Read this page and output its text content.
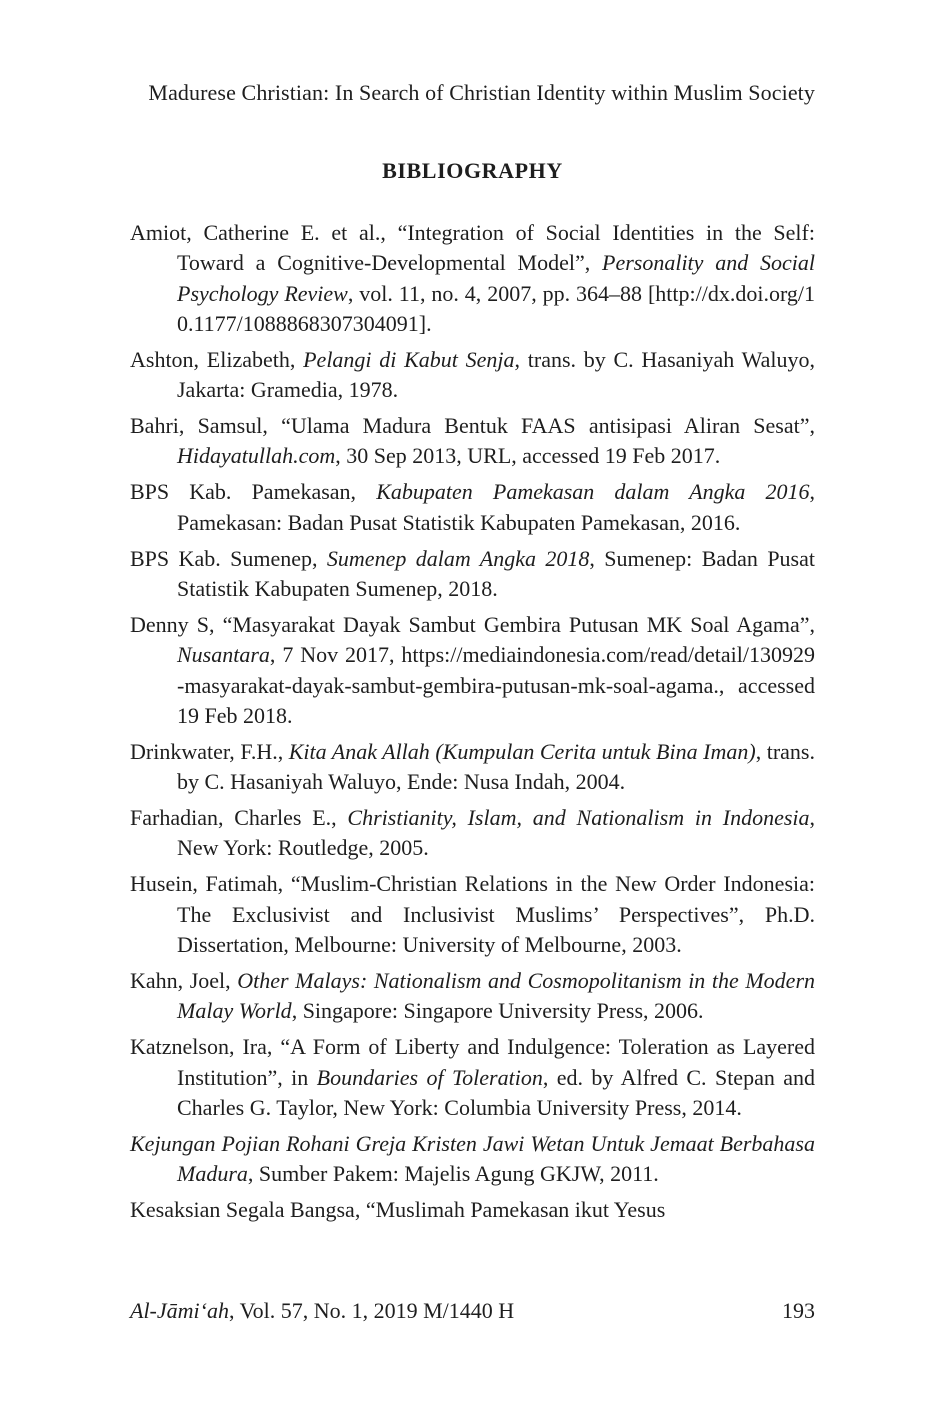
Madurese Christian: In Search of Christian Identity within Muslim Society
BIBLIOGRAPHY
Amiot, Catherine E. et al., “Integration of Social Identities in the Self: Toward a Cognitive-Developmental Model”, Personality and Social Psychology Review, vol. 11, no. 4, 2007, pp. 364–88 [http://dx.doi.org/10.1177/1088868307304091].
Ashton, Elizabeth, Pelangi di Kabut Senja, trans. by C. Hasaniyah Waluyo, Jakarta: Gramedia, 1978.
Bahri, Samsul, “Ulama Madura Bentuk FAAS antisipasi Aliran Sesat”, Hidayatullah.com, 30 Sep 2013, URL, accessed 19 Feb 2017.
BPS Kab. Pamekasan, Kabupaten Pamekasan dalam Angka 2016, Pamekasan: Badan Pusat Statistik Kabupaten Pamekasan, 2016.
BPS Kab. Sumenep, Sumenep dalam Angka 2018, Sumenep: Badan Pusat Statistik Kabupaten Sumenep, 2018.
Denny S, “Masyarakat Dayak Sambut Gembira Putusan MK Soal Agama”, Nusantara, 7 Nov 2017, https://mediaindonesia.com/read/detail/130929-masyarakat-dayak-sambut-gembira-putusan-mk-soal-agama., accessed 19 Feb 2018.
Drinkwater, F.H., Kita Anak Allah (Kumpulan Cerita untuk Bina Iman), trans. by C. Hasaniyah Waluyo, Ende: Nusa Indah, 2004.
Farhadian, Charles E., Christianity, Islam, and Nationalism in Indonesia, New York: Routledge, 2005.
Husein, Fatimah, “Muslim-Christian Relations in the New Order Indonesia: The Exclusivist and Inclusivist Muslims’ Perspectives”, Ph.D. Dissertation, Melbourne: University of Melbourne, 2003.
Kahn, Joel, Other Malays: Nationalism and Cosmopolitanism in the Modern Malay World, Singapore: Singapore University Press, 2006.
Katznelson, Ira, “A Form of Liberty and Indulgence: Toleration as Layered Institution”, in Boundaries of Toleration, ed. by Alfred C. Stepan and Charles G. Taylor, New York: Columbia University Press, 2014.
Kejungan Pojian Rohani Greja Kristen Jawi Wetan Untuk Jemaat Berbahasa Madura, Sumber Pakem: Majelis Agung GKJW, 2011.
Kesaksian Segala Bangsa, “Muslimah Pamekasan ikut Yesus
Al-Jāmi‘ah, Vol. 57, No. 1, 2019 M/1440 H	193
